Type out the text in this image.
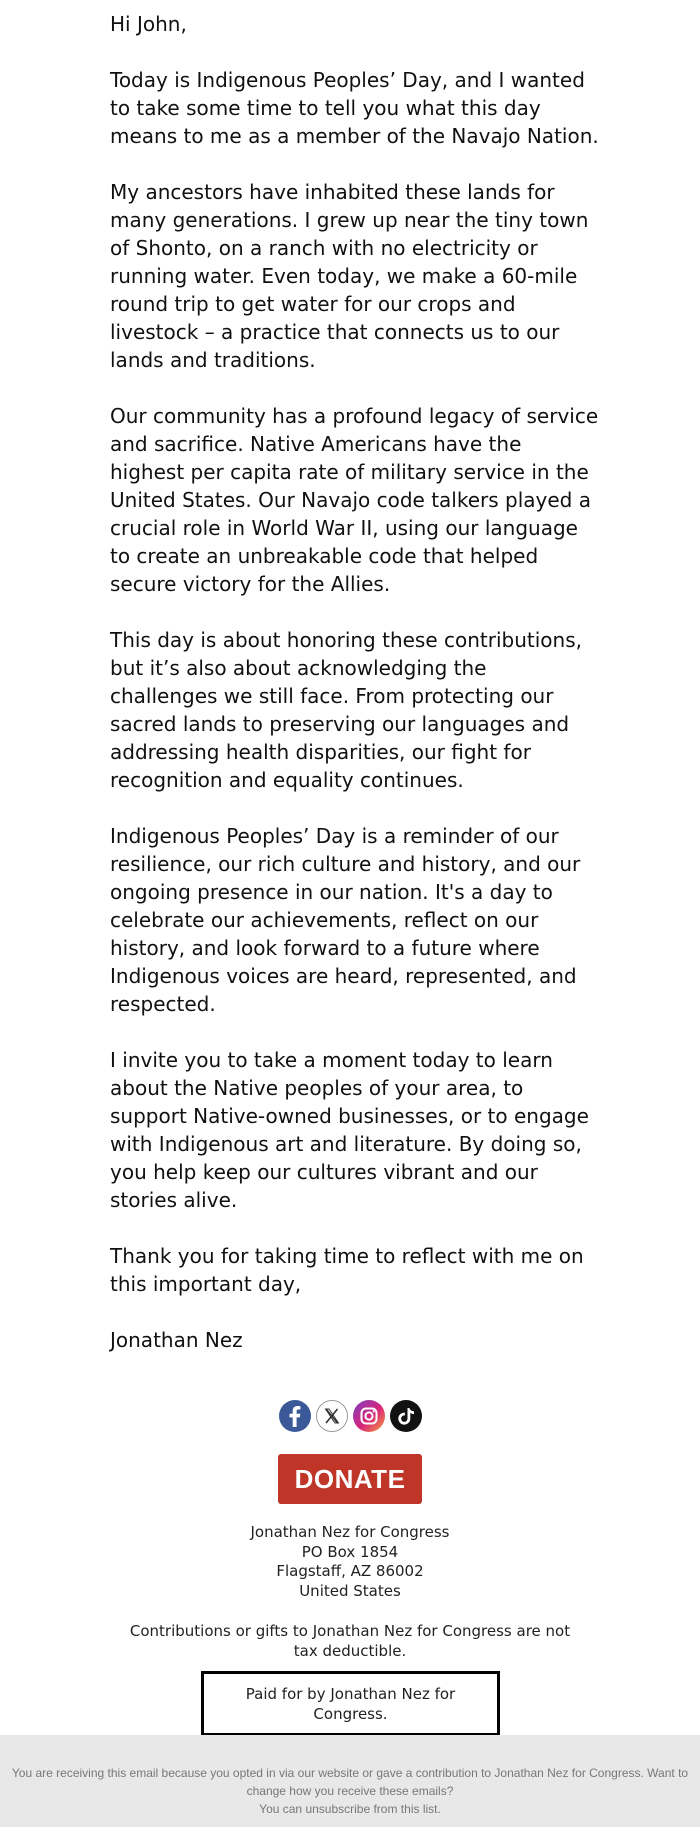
Hi John,

Today is Indigenous Peoples’ Day, and I wanted to take some time to tell you what this day means to me as a member of the Navajo Nation.

My ancestors have inhabited these lands for many generations. I grew up near the tiny town of Shonto, on a ranch with no electricity or running water. Even today, we make a 60-mile round trip to get water for our crops and livestock – a practice that connects us to our lands and traditions.

Our community has a profound legacy of service and sacrifice. Native Americans have the highest per capita rate of military service in the United States. Our Navajo code talkers played a crucial role in World War II, using our language to create an unbreakable code that helped secure victory for the Allies.

This day is about honoring these contributions, but it’s also about acknowledging the challenges we still face. From protecting our sacred lands to preserving our languages and addressing health disparities, our fight for recognition and equality continues.

Indigenous Peoples’ Day is a reminder of our resilience, our rich culture and history, and our ongoing presence in our nation. It's a day to celebrate our achievements, reflect on our history, and look forward to a future where Indigenous voices are heard, represented, and respected.

I invite you to take a moment today to learn about the Native peoples of your area, to support Native-owned businesses, or to engage with Indigenous art and literature. By doing so, you help keep our cultures vibrant and our stories alive.

Thank you for taking time to reflect with me on this important day,

Jonathan Nez

DONATE
Jonathan Nez for Congress
PO Box 1854
Flagstaff, AZ 86002
United States
Contributions or gifts to Jonathan Nez for Congress are not tax deductible.
Paid for by Jonathan Nez for Congress.
You are receiving this email because you opted in via our website or gave a contribution to Jonathan Nez for Congress. Want to change how you receive these emails?
You can unsubscribe from this list.
